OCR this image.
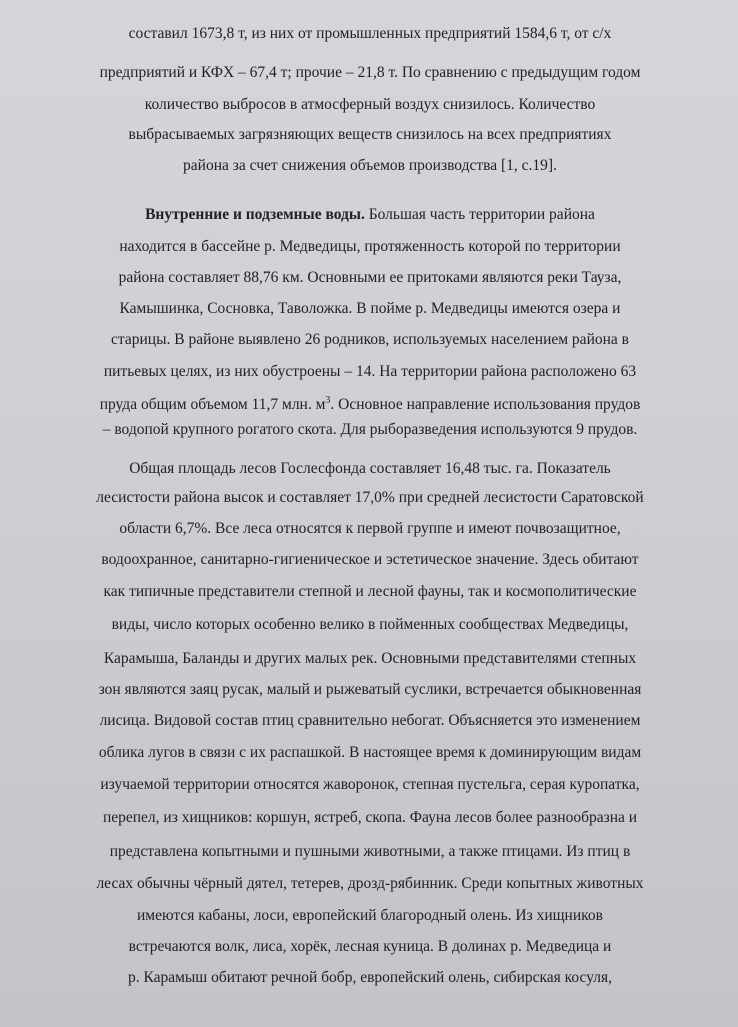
составил 1673,8 т, из них от промышленных предприятий 1584,6 т, от с/х
предприятий и КФХ – 67,4 т; прочие – 21,8 т. По сравнению с предыдущим годом
количество выбросов в атмосферный воздух снизилось. Количество
выбрасываемых загрязняющих веществ снизилось на всех предприятиях
района за счет снижения объемов производства [1, с.19].
Внутренние и подземные воды. Большая часть территории района
находится в бассейне р. Медведицы, протяженность которой по территории
района составляет 88,76 км. Основными ее притоками являются реки Тауза,
Камышинка, Сосновка, Таволожка. В пойме р. Медведицы имеются озера и
старицы. В районе выявлено 26 родников, используемых населением района в
питьевых целях, из них обустроены – 14. На территории района расположено 63
пруда общим объемом 11,7 млн. $м^3$. Основное направление использования прудов
– водопой крупного рогатого скота. Для рыборазведения используются 9 прудов.
Общая площадь лесов Гослесфонда составляет 16,48 тыс. га. Показатель
лесистости района высок и составляет 17,0% при средней лесистости Саратовской
области 6,7%. Все леса относятся к первой группе и имеют почвозащитное,
водоохранное, санитарно-гигиеническое и эстетическое значение. Здесь обитают
как типичные представители степной и лесной фауны, так и космополитические
виды, число которых особенно велико в пойменных сообществах Медведицы,
Карамыша, Баланды и других малых рек. Основными представителями степных
зон являются заяц русак, малый и рыжеватый суслики, встречается обыкновенная
лисица. Видовой состав птиц сравнительно небогат. Объясняется это изменением
облика лугов в связи с их распашкой. В настоящее время к доминирующим видам
изучаемой территории относятся жаворонок, степная пустельга, серая куропатка,
перепел, из хищников: коршун, ястреб, скопа. Фауна лесов более разнообразна и
представлена копытными и пушными животными, а также птицами. Из птиц в
лесах обычны чёрный дятел, тетерев, дрозд-рябинник. Среди копытных животных
имеются кабаны, лоси, европейский благородный олень. Из хищников
встречаются волк, лиса, хорёк, лесная куница. В долинах р. Медведица и
р. Карамыш обитают речной бобр, европейский олень, сибирская косуля,
